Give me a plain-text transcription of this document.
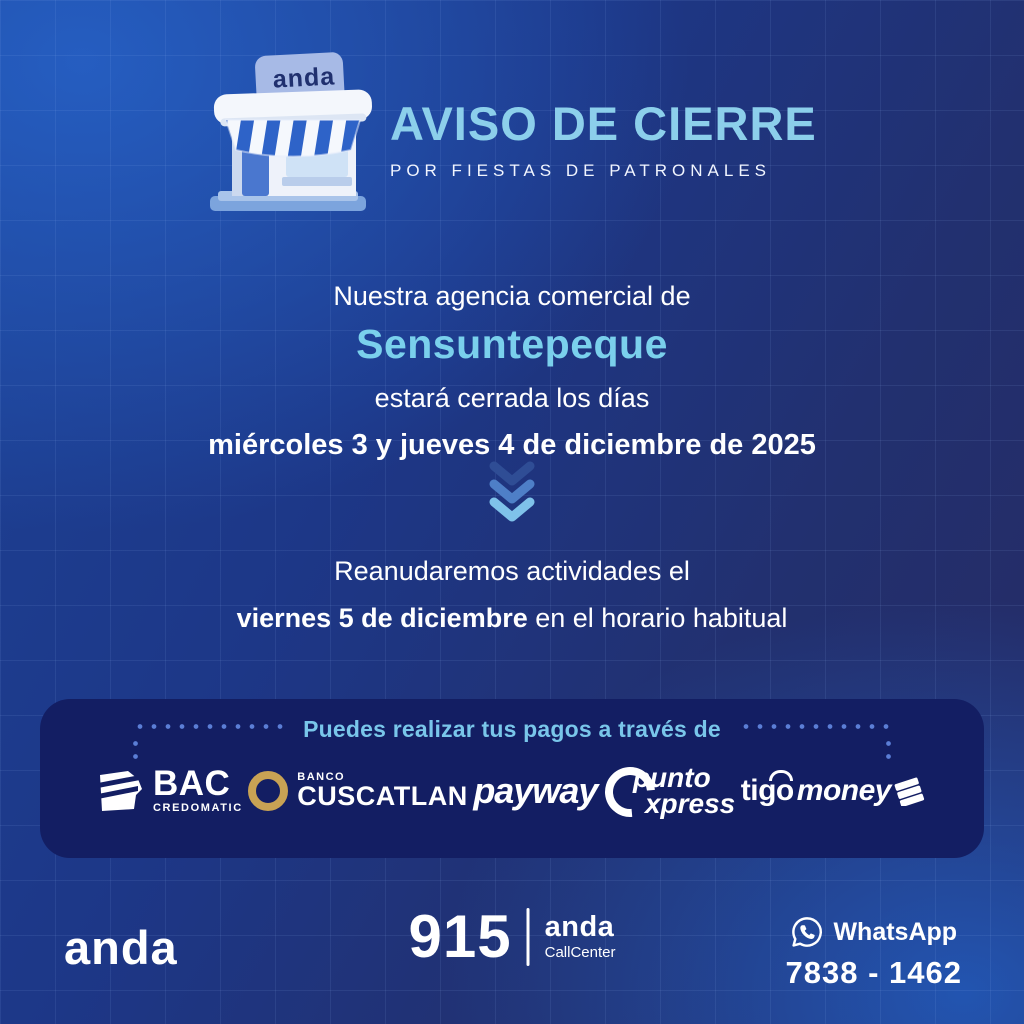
anda
AVISO DE CIERRE
POR FIESTAS DE PATRONALES
Nuestra agencia comercial de
Sensuntepeque
estará cerrada los días
miércoles 3 y jueves 4 de diciembre de 2025
Reanudaremos actividades el
viernes 5 de diciembre en el horario habitual
Puedes realizar tus pagos a través de
BAC
CREDOMATIC
BANCO
CUSCATLAN payway punto
xpress tigo money
anda	915 anda
CallCenter
WhatsApp
7838 - 1462
